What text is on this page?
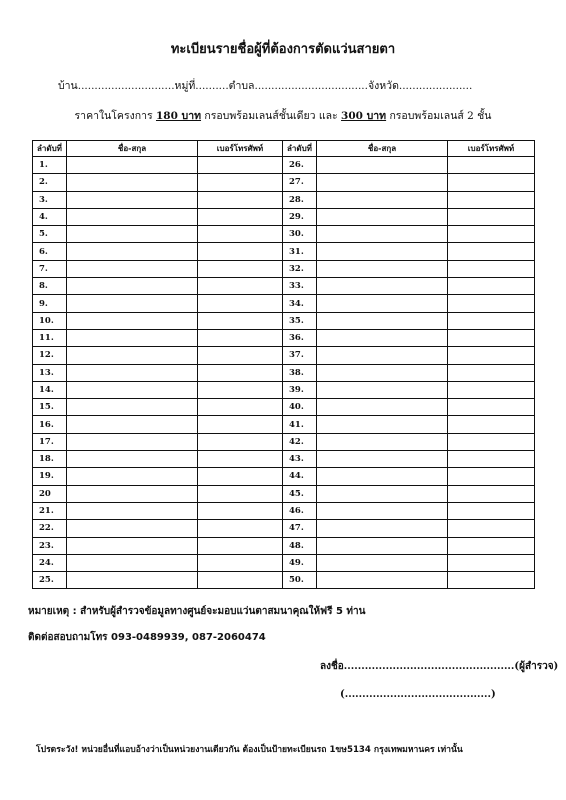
ทะเบียนรายชื่อผู้ที่ต้องการตัดแว่นสายตา
บ้าน.............................หมู่ที่..........ตำบล..................................จังหวัด......................
ราคาในโครงการ 180 บาท กรอบพร้อมเลนส์ชั้นเดียว และ 300 บาท กรอบพร้อมเลนส์ 2 ชั้น
ลำดับที่	ชื่อ-สกุล	เบอร์โทรศัพท์	ลำดับที่	ชื่อ-สกุล	เบอร์โทรศัพท์
1.			26.		
2.			27.		
3.			28.		
4.			29.		
5.			30.		
6.			31.		
7.			32.		
8.			33.		
9.			34.		
10.			35.		
11.			36.		
12.			37.		
13.			38.		
14.			39.		
15.			40.		
16.			41.		
17.			42.		
18.			43.		
19.			44.		
20			45.		
21.			46.		
22.			47.		
23.			48.		
24.			49.		
25.			50.		
หมายเหตุ : สำหรับผู้สำรวจข้อมูลทางศูนย์จะมอบแว่นตาสมนาคุณให้ฟรี 5 ท่าน
ติดต่อสอบถามโทร 093-0489939, 087-2060474
ลงชื่อ.................................................(ผู้สำรวจ)
(..........................................)
โปรดระวัง! หน่วยอื่นที่แอบอ้างว่าเป็นหน่วยงานเดียวกัน ต้องเป็นป้ายทะเบียนรถ 1ขษ5134 กรุงเทพมหานคร เท่านั้น
